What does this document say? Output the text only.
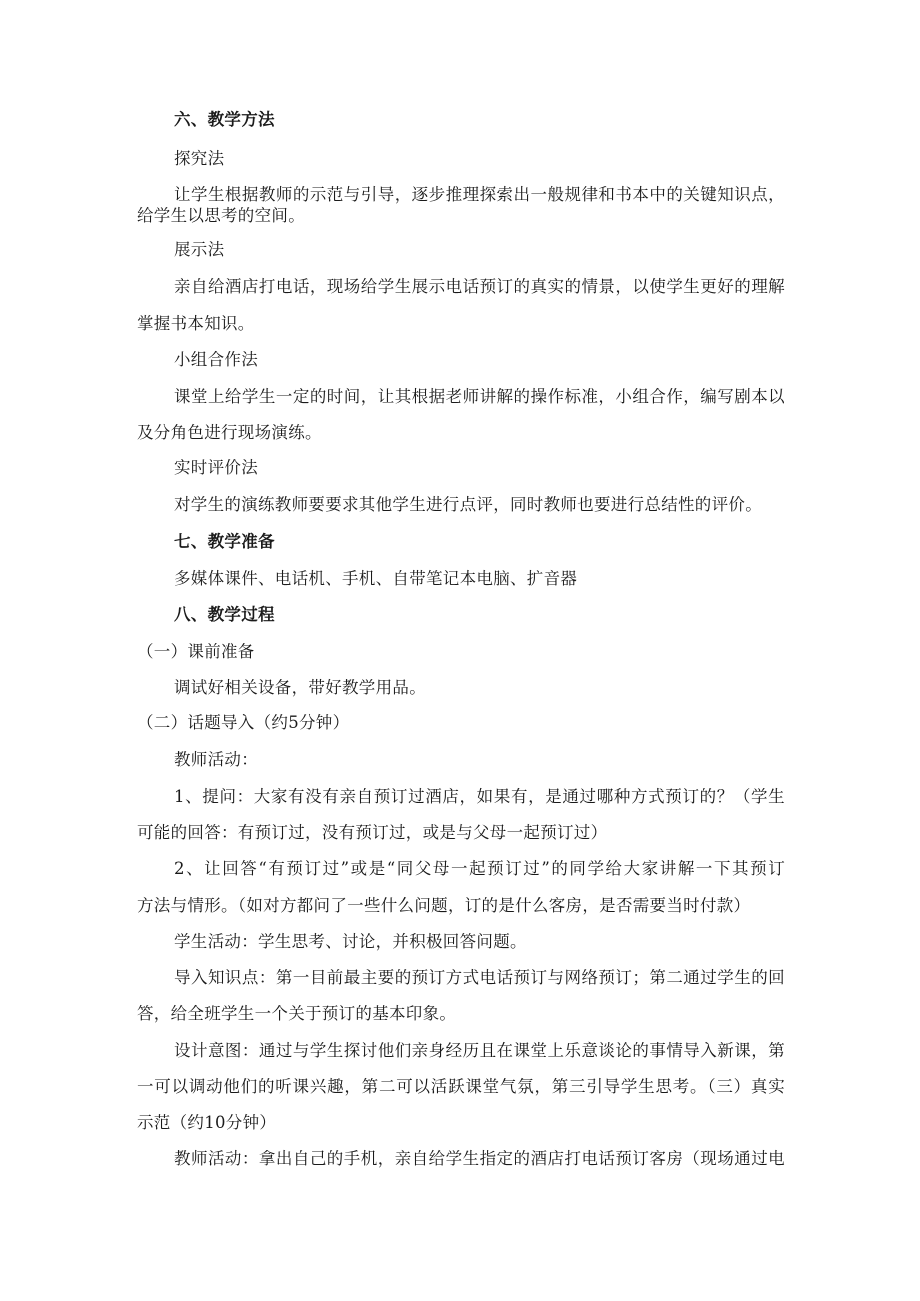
六、教学方法
探究法
让学生根据教师的示范与引导，逐步推理探索出一般规律和书本中的关键知识点，
给学生以思考的空间。
展示法
亲自给酒店打电话，现场给学生展示电话预订的真实的情景，以使学生更好的理解
掌握书本知识。
小组合作法
课堂上给学生一定的时间，让其根据老师讲解的操作标准，小组合作，编写剧本以
及分角色进行现场演练。
实时评价法
对学生的演练教师要要求其他学生进行点评，同时教师也要进行总结性的评价。
七、教学准备
多媒体课件、电话机、手机、自带笔记本电脑、扩音器
八、教学过程
（一）课前准备
调试好相关设备，带好教学用品。
（二）话题导入（约5分钟）
教师活动：
1、提问：大家有没有亲自预订过酒店，如果有，是通过哪种方式预订的？（学生
可能的回答：有预订过，没有预订过，或是与父母一起预订过）
2、让回答“有预订过”或是“同父母一起预订过”的同学给大家讲解一下其预订
方法与情形。（如对方都问了一些什么问题，订的是什么客房，是否需要当时付款）
学生活动：学生思考、讨论，并积极回答问题。
导入知识点：第一目前最主要的预订方式电话预订与网络预订；第二通过学生的回
答，给全班学生一个关于预订的基本印象。
设计意图：通过与学生探讨他们亲身经历且在课堂上乐意谈论的事情导入新课，第
一可以调动他们的听课兴趣，第二可以活跃课堂气氛，第三引导学生思考。（三）真实
示范（约10分钟）
教师活动：拿出自己的手机，亲自给学生指定的酒店打电话预订客房（现场通过电
